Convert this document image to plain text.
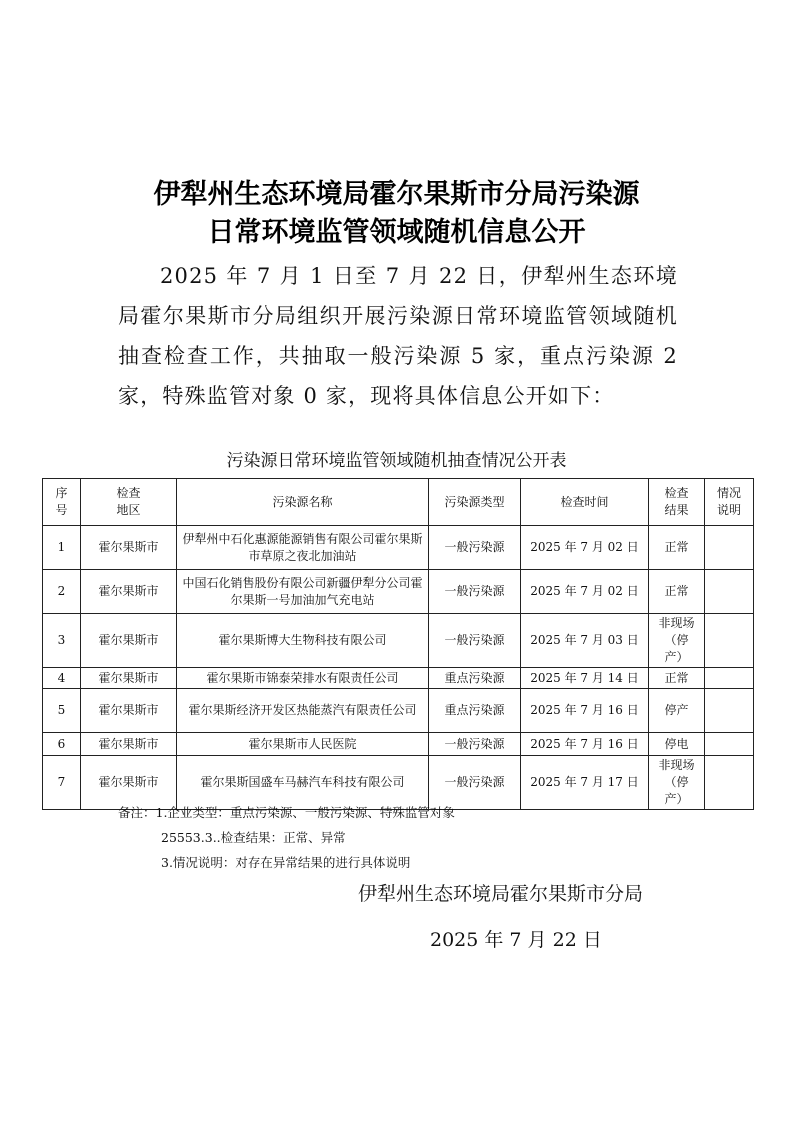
伊犁州生态环境局霍尔果斯市分局污染源
日常环境监管领域随机信息公开

2025 年 7 月 1 日至 7 月 22 日，伊犁州生态环境局霍尔果斯市分局组织开展污染源日常环境监管领域随机抽查检查工作，共抽取一般污染源 5 家，重点污染源 2 家，特殊监管对象 0 家，现将具体信息公开如下：

污染源日常环境监管领域随机抽查情况公开表
序号	检查地区	污染源名称	污染源类型	检查时间	检查结果	情况说明

1	霍尔果斯市	伊犁州中石化惠源能源销售有限公司霍尔果斯市草原之夜北加油站	一般污染源	2025 年 7 月 02 日	正常	
2	霍尔果斯市	中国石化销售股份有限公司新疆伊犁分公司霍尔果斯一号加油加气充电站	一般污染源	2025 年 7 月 02 日	正常	
3	霍尔果斯市	霍尔果斯博大生物科技有限公司	一般污染源	2025 年 7 月 03 日	非现场（停产）	

4	霍尔果斯市	霍尔果斯市锦泰荣排水有限责任公司	重点污染源	2025 年 7 月 14 日	正常	
5	霍尔果斯市	霍尔果斯经济开发区热能蒸汽有限责任公司	重点污染源	2025 年 7 月 16 日	停产	
6	霍尔果斯市	霍尔果斯市人民医院	一般污染源	2025 年 7 月 16 日	停电	
7	霍尔果斯市	霍尔果斯国盛车马赫汽车科技有限公司	一般污染源	2025 年 7 月 17 日	非现场（停产）	

备注：1.企业类型：重点污染源、一般污染源、特殊监管对象
25553.3..检查结果：正常、异常
3.情况说明：对存在异常结果的进行具体说明
伊犁州生态环境局霍尔果斯市分局
2025 年 7 月 22 日
